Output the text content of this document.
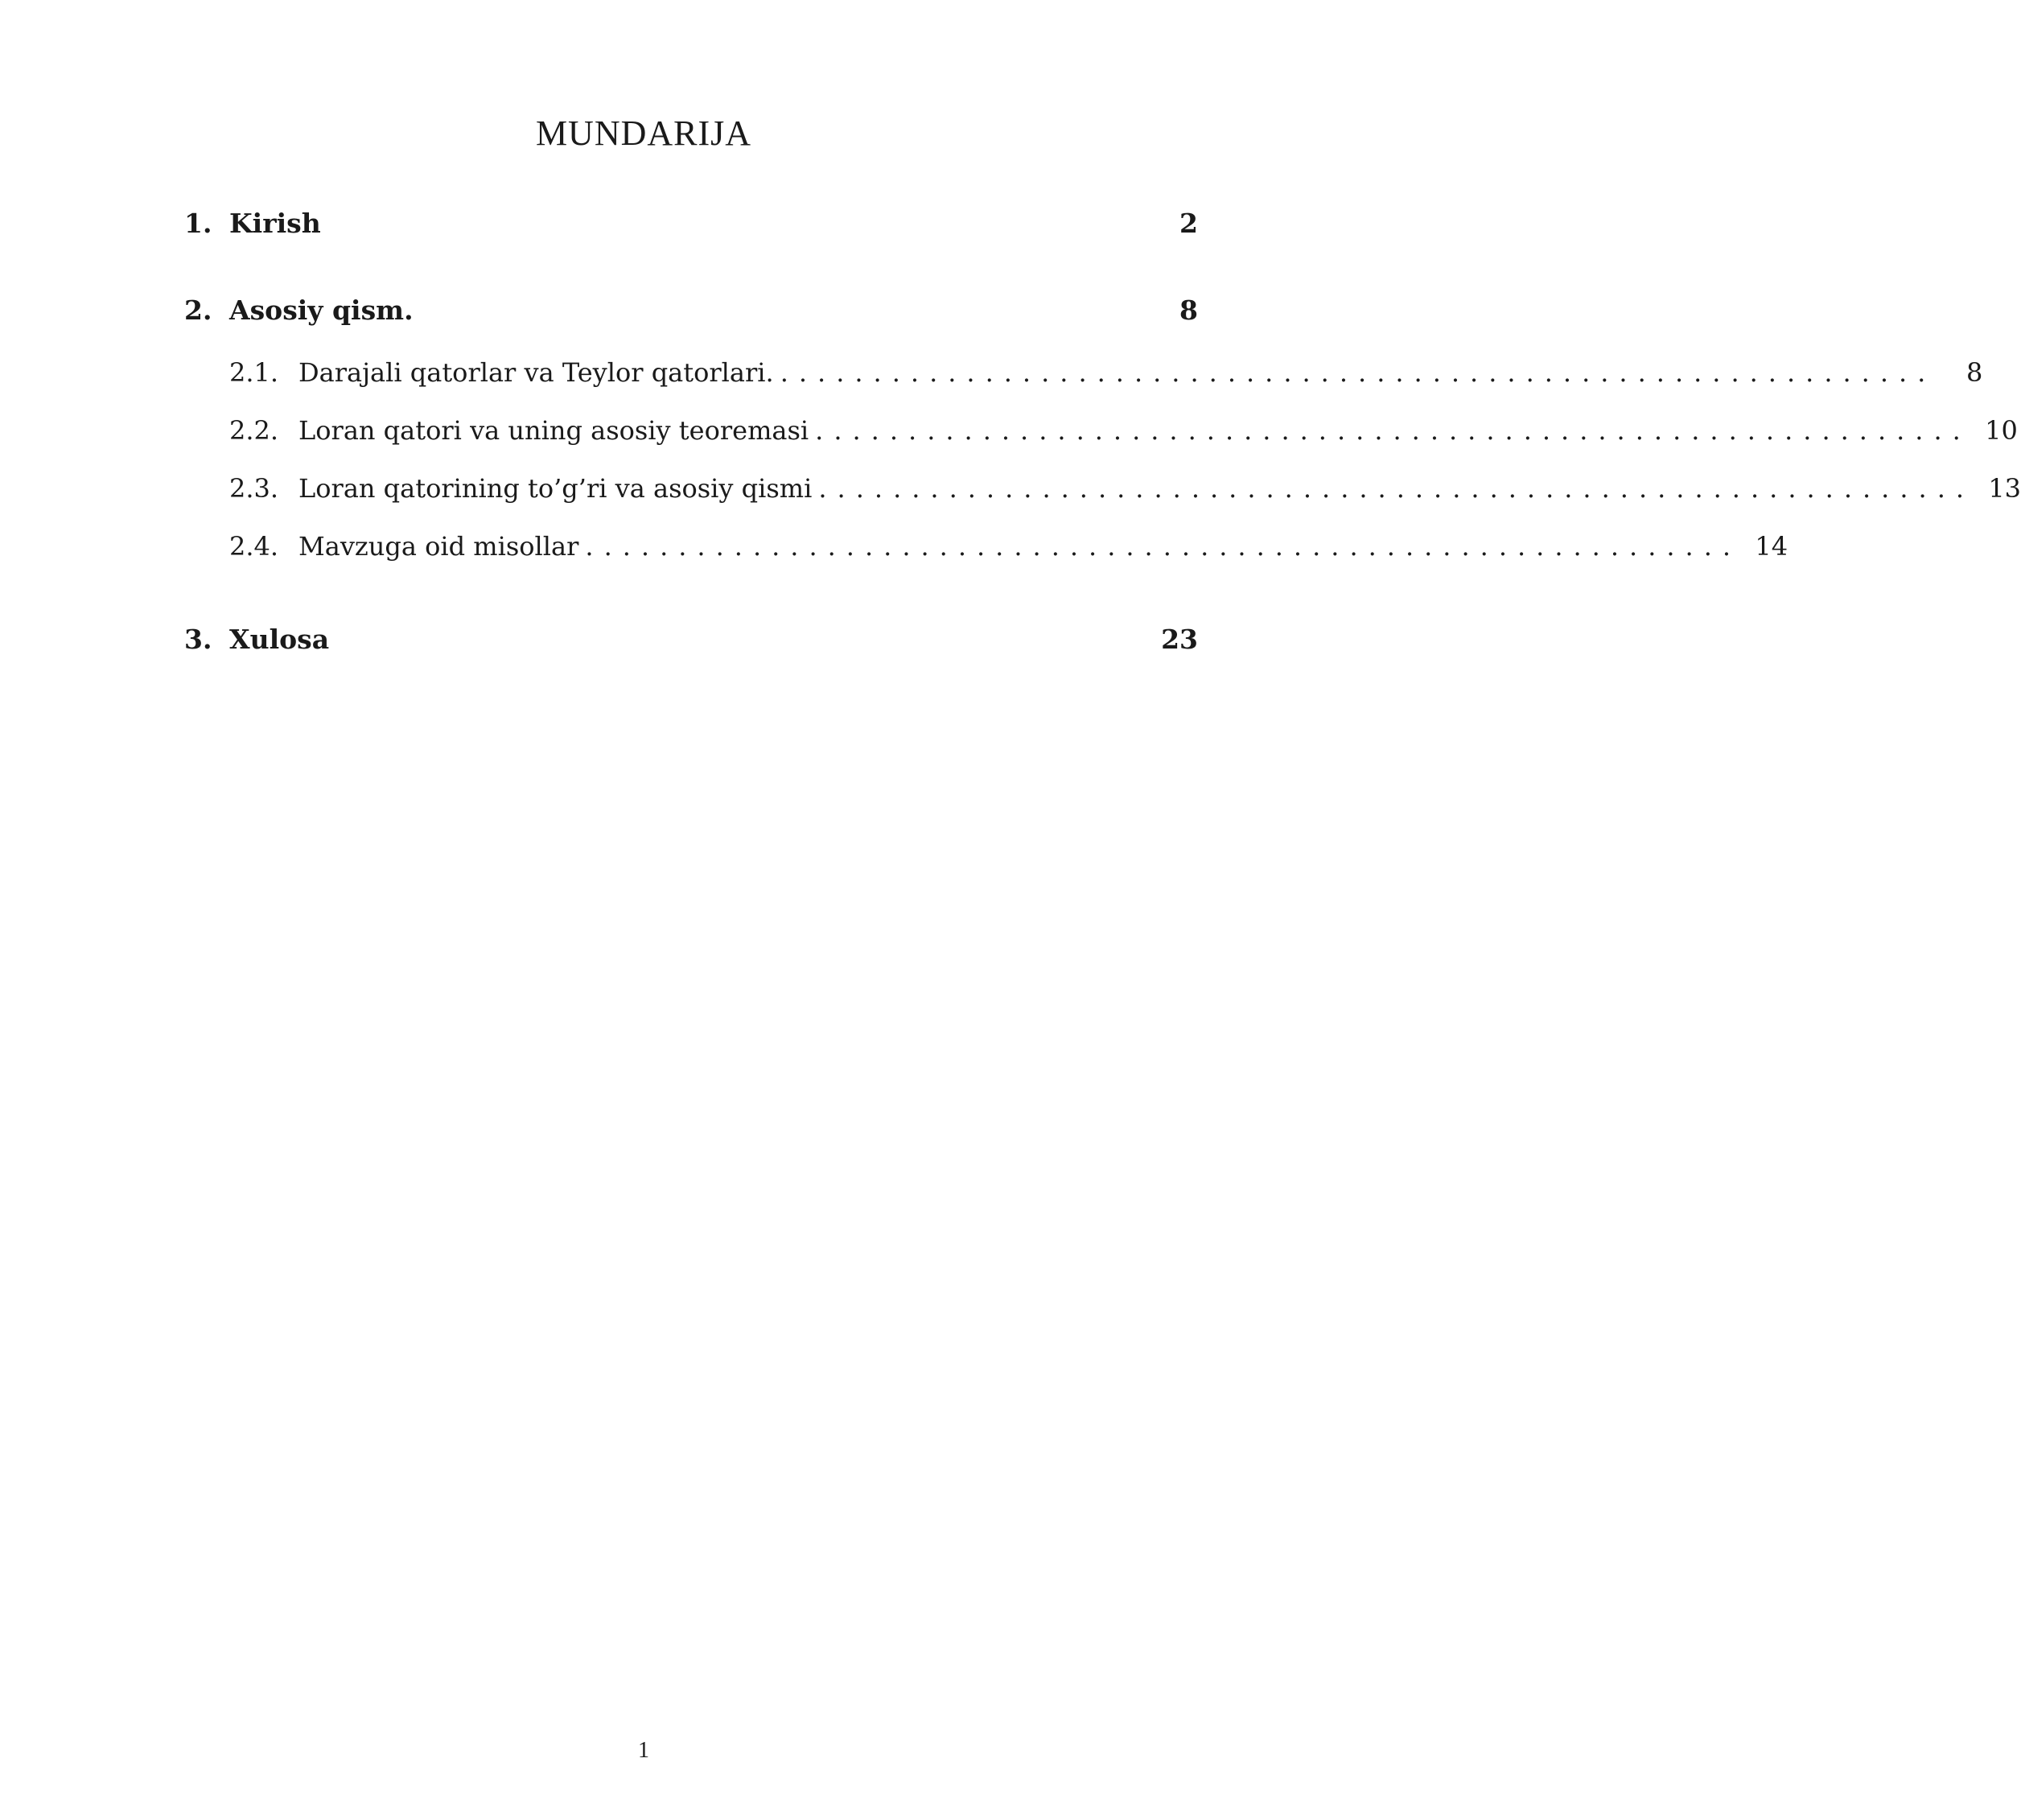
MUNDARIJA
1. Kirish	2
2. Asosiy qism.	8
2.1. Darajali qatorlar va Teylor qatorlari. ..............................................................	8
2.2. Loran qatori va uning asosiy teoremasi .............................................................. 10
2.3. Loran qatorining to’g’ri va asosiy qismi .............................................................. 13
2.4. Mavzuga oid misollar .............................................................. 14
3. Xulosa	23
1
